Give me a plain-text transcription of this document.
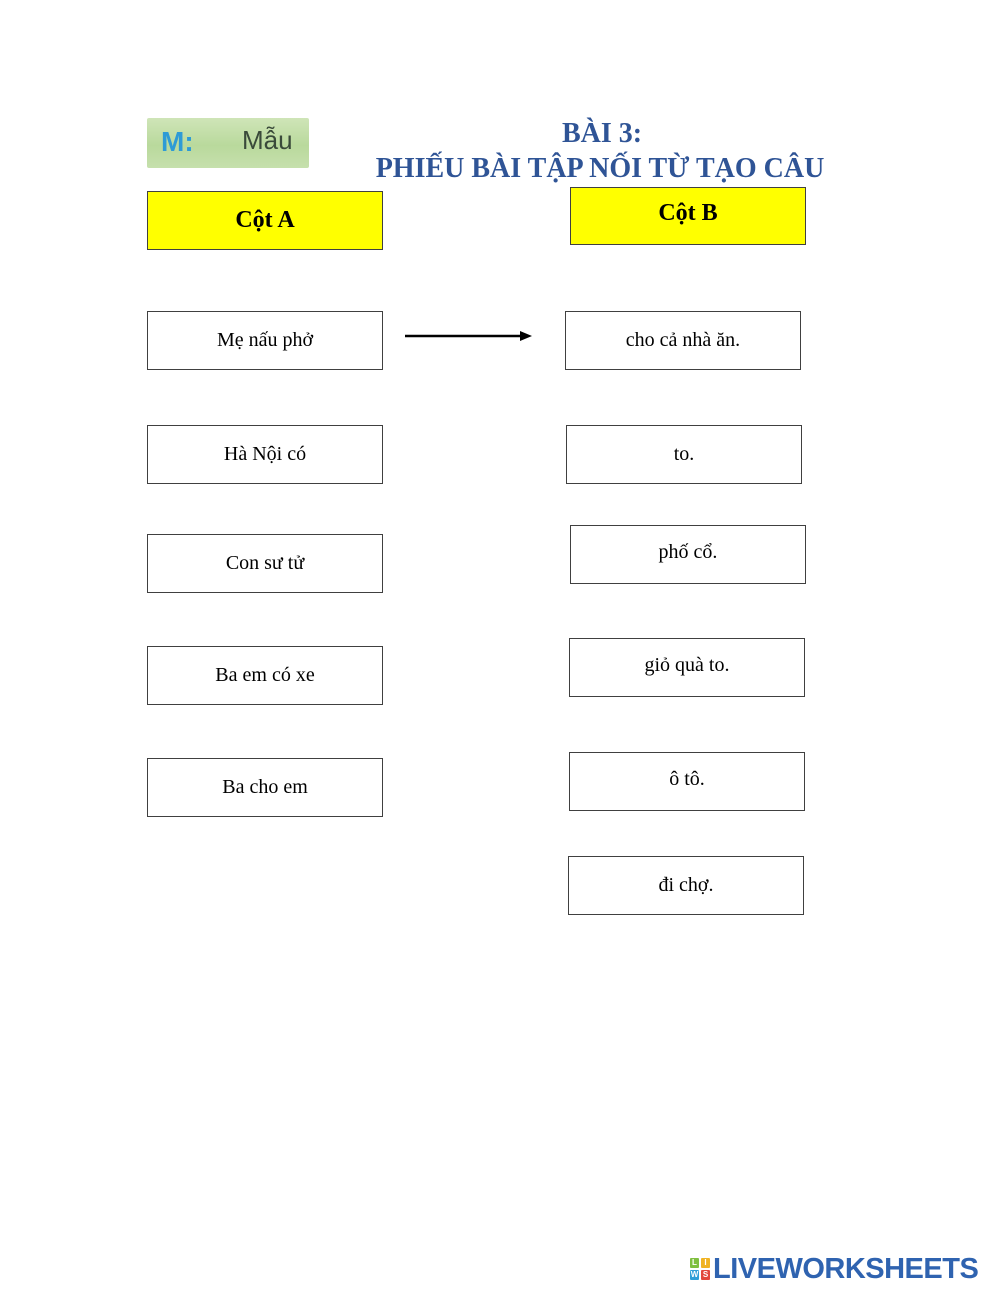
M: Mẫu	BÀI 3:
PHIẾU BÀI TẬP NỐI TỪ TẠO CÂU
Cột A	Cột B
Mẹ nấu phở
Hà Nội có
Con sư tử
Ba em có xe
Ba cho em
cho cả nhà ăn.
to.
phố cổ.
giỏ quà to.
ô tô.
đi chợ.
L I
W S LIVEWORKSHEETS
